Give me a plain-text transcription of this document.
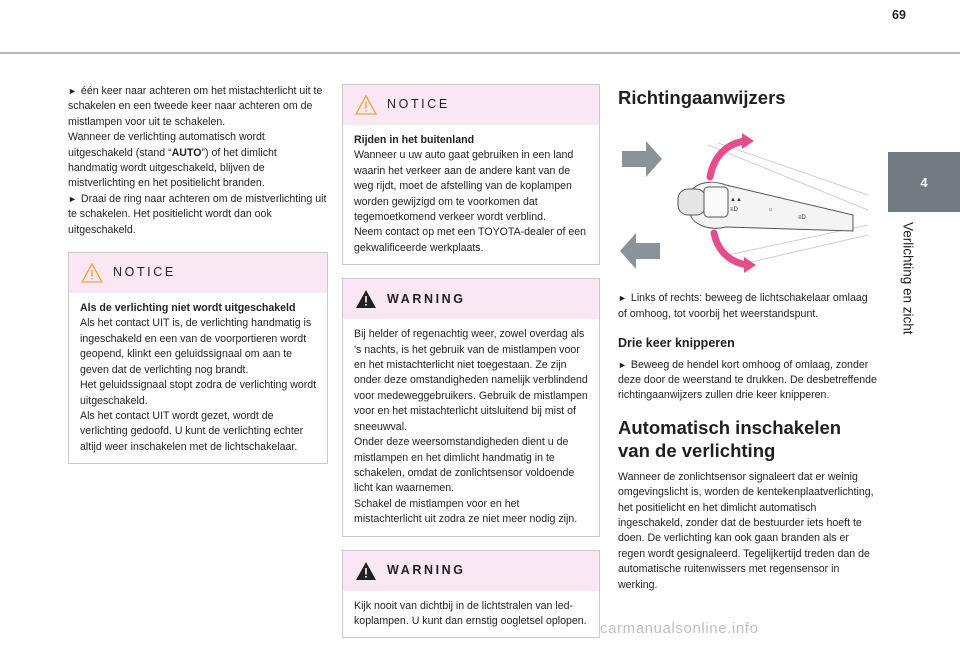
69
4
Verlichting en zicht

► één keer naar achteren om het mistachterlicht uit te schakelen en een tweede keer naar achteren om de mistlampen voor uit te schakelen.

Wanneer de verlichting automatisch wordt uitgeschakeld (stand “AUTO”) of het dimlicht handmatig wordt uitgeschakeld, blijven de mistverlichting en het positielicht branden.

► Draai de ring naar achteren om de mistverlichting uit te schakelen. Het positielicht wordt dan ook uitgeschakeld.

NOTICE
Als de verlichting niet wordt uitgeschakeld
Als het contact UIT is, de verlichting handmatig is ingeschakeld en een van de voorportieren wordt geopend, klinkt een geluidssignaal om aan te geven dat de verlichting nog brandt.
Het geluidssignaal stopt zodra de verlichting wordt uitgeschakeld.
Als het contact UIT wordt gezet, wordt de verlichting gedoofd. U kunt de verlichting echter altijd weer inschakelen met de lichtschakelaar.
NOTICE
Rijden in het buitenland
Wanneer u uw auto gaat gebruiken in een land waarin het verkeer aan de andere kant van de weg rijdt, moet de afstelling van de koplampen worden gewijzigd om te voorkomen dat tegemoetkomend verkeer wordt verblind.
Neem contact op met een TOYOTA-dealer of een gekwalificeerde werkplaats.
WARNING
Bij helder of regenachtig weer, zowel overdag als 's nachts, is het gebruik van de mistlampen voor en het mistachterlicht niet toegestaan. Ze zijn onder deze omstandigheden namelijk verblindend voor medeweggebruikers. Gebruik de mistlampen voor en het mistachterlicht uitsluitend bij mist of sneeuwval.
Onder deze weersomstandigheden dient u de mistlampen en het dimlicht handmatig in te schakelen, omdat de zonlichtsensor voldoende licht kan waarnemen.
Schakel de mistlampen voor en het mistachterlicht uit zodra ze niet meer nodig zijn.
WARNING
Kijk nooit van dichtbij in de lichtstralen van led-koplampen. U kunt dan ernstig oogletsel oplopen.
Richtingaanwijzers
▲▲
≡D	☼
≡D

► Links of rechts: beweeg de lichtschakelaar omlaag of omhoog, tot voorbij het weerstandspunt.

Drie keer knipperen

► Beweeg de hendel kort omhoog of omlaag, zonder deze door de weerstand te drukken. De desbetreffende richtingaanwijzers zullen drie keer knipperen.

Automatisch inschakelen van de verlichting

Wanneer de zonlichtsensor signaleert dat er weinig omgevingslicht is, worden de kentekenplaatverlichting, het positielicht en het dimlicht automatisch ingeschakeld, zonder dat de bestuurder iets hoeft te doen. De verlichting kan ook gaan branden als er regen wordt gesignaleerd. Tegelijkertijd treden dan de automatische ruitenwissers met regensensor in werking.

carmanualsonline.info
